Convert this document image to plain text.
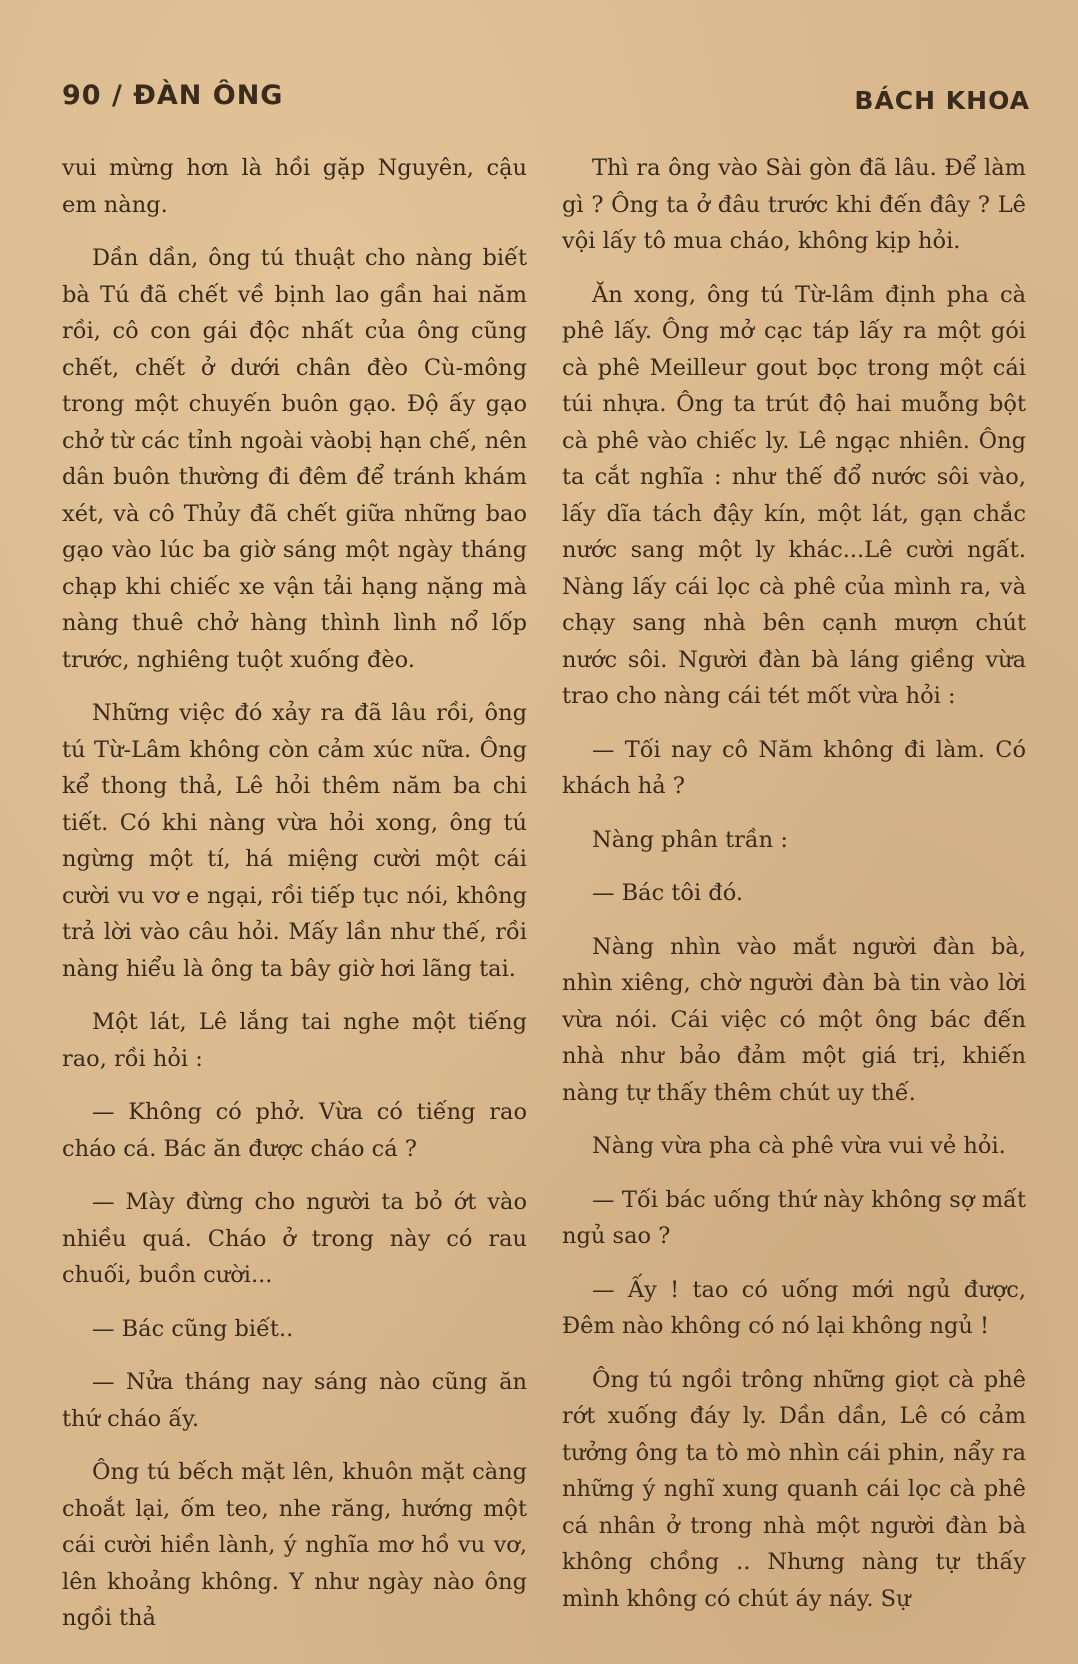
90 / ĐÀN ÔNG	BÁCH KHOA

vui mừng hơn là hồi gặp Nguyên, cậu em nàng.

Dần dần, ông tú thuật cho nàng biết bà Tú đã chết về bịnh lao gần hai năm rồi, cô con gái độc nhất của ông cũng chết, chết ở dưới chân đèo Cù-mông trong một chuyến buôn gạo. Độ ấy gạo chở từ các tỉnh ngoài vàobị hạn chế, nên dân buôn thường đi đêm để tránh khám xét, và cô Thủy đã chết giữa những bao gạo vào lúc ba giờ sáng một ngày tháng chạp khi chiếc xe vận tải hạng nặng mà nàng thuê chở hàng thình lình nổ lốp trước, nghiêng tuột xuống đèo.

Những việc đó xảy ra đã lâu rồi, ông tú Từ-Lâm không còn cảm xúc nữa. Ông kể thong thả, Lê hỏi thêm năm ba chi tiết. Có khi nàng vừa hỏi xong, ông tú ngừng một tí, há miệng cười một cái cười vu vơ e ngại, rồi tiếp tục nói, không trả lời vào câu hỏi. Mấy lần như thế, rồi nàng hiểu là ông ta bây giờ hơi lãng tai.

Một lát, Lê lắng tai nghe một tiếng rao, rồi hỏi :

— Không có phở. Vừa có tiếng rao cháo cá. Bác ăn được cháo cá ?

— Mày đừng cho người ta bỏ ớt vào nhiều quá. Cháo ở trong này có rau chuối, buồn cười...

— Bác cũng biết..

— Nửa tháng nay sáng nào cũng ăn thứ cháo ấy.

Ông tú bếch mặt lên, khuôn mặt càng choắt lại, ốm teo, nhe răng, hướng một cái cười hiền lành, ý nghĩa mơ hồ vu vơ, lên khoảng không. Y như ngày nào ông ngồi thả

Thì ra ông vào Sài gòn đã lâu. Để làm gì ? Ông ta ở đâu trước khi đến đây ? Lê vội lấy tô mua cháo, không kịp hỏi.

Ăn xong, ông tú Từ-lâm định pha cà phê lấy. Ông mở cạc táp lấy ra một gói cà phê Meilleur gout bọc trong một cái túi nhựa. Ông ta trút độ hai muỗng bột cà phê vào chiếc ly. Lê ngạc nhiên. Ông ta cắt nghĩa : như thế đổ nước sôi vào, lấy dĩa tách đậy kín, một lát, gạn chắc nước sang một ly khác...Lê cười ngất. Nàng lấy cái lọc cà phê của mình ra, và chạy sang nhà bên cạnh mượn chút nước sôi. Người đàn bà láng giềng vừa trao cho nàng cái tét mốt vừa hỏi :

— Tối nay cô Năm không đi làm. Có khách hả ?

Nàng phân trần :

— Bác tôi đó.

Nàng nhìn vào mắt người đàn bà, nhìn xiêng, chờ người đàn bà tin vào lời vừa nói. Cái việc có một ông bác đến nhà như bảo đảm một giá trị, khiến nàng tự thấy thêm chút uy thế.

Nàng vừa pha cà phê vừa vui vẻ hỏi.

— Tối bác uống thứ này không sợ mất ngủ sao ?

— Ấy ! tao có uống mới ngủ được, Đêm nào không có nó lại không ngủ !

Ông tú ngồi trông những giọt cà phê rớt xuống đáy ly. Dần dần, Lê có cảm tưởng ông ta tò mò nhìn cái phin, nẩy ra những ý nghĩ xung quanh cái lọc cà phê cá nhân ở trong nhà một người đàn bà không chồng .. Nhưng nàng tự thấy mình không có chút áy náy. Sự
